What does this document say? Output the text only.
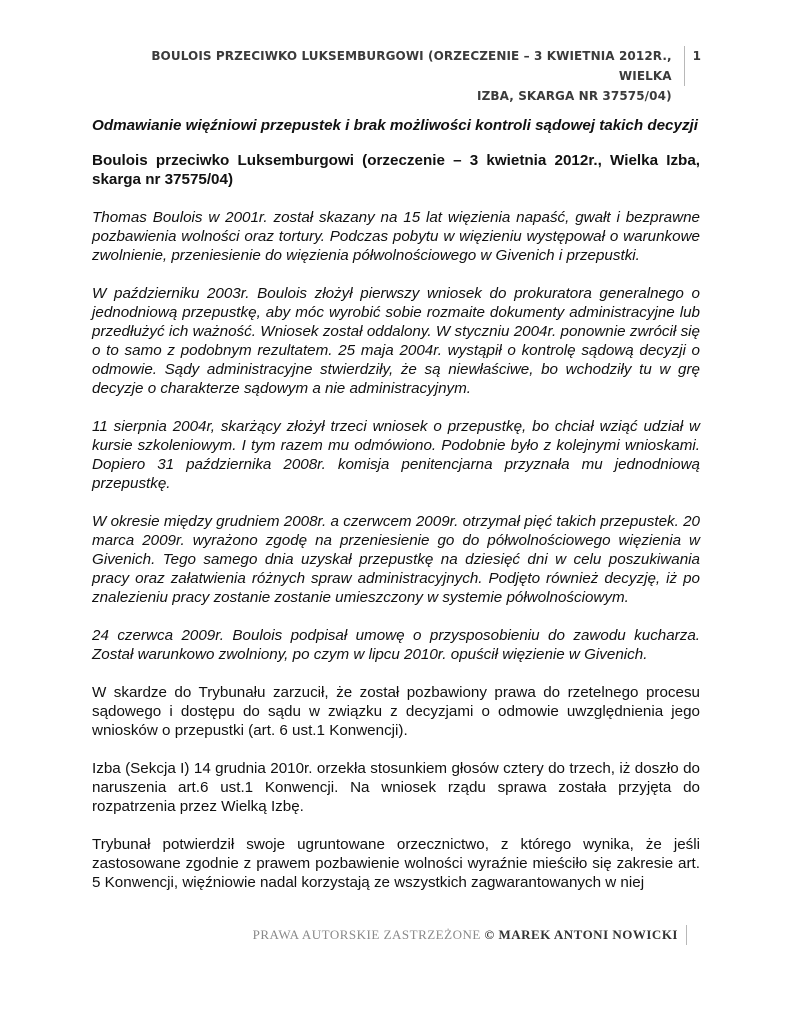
BOULOIS PRZECIWKO LUKSEMBURGOWI (ORZECZENIE – 3 KWIETNIA 2012R., WIELKA
IZBA, SKARGA NR 37575/04)
1

Odmawianie więźniowi przepustek i brak możliwości kontroli sądowej takich decyzji

Boulois przeciwko Luksemburgowi (orzeczenie – 3 kwietnia 2012r., Wielka Izba, skarga nr 37575/04)

Thomas Boulois w 2001r. został skazany na 15 lat więzienia napaść, gwałt i bezprawne pozbawienia wolności oraz tortury. Podczas pobytu w więzieniu występował o warunkowe zwolnienie, przeniesienie do więzienia półwolnościowego w Givenich i przepustki.

W październiku 2003r. Boulois złożył pierwszy wniosek do prokuratora generalnego o jednodniową przepustkę, aby móc wyrobić sobie rozmaite dokumenty administracyjne lub przedłużyć ich ważność. Wniosek został oddalony. W styczniu 2004r. ponownie zwrócił się o to samo z podobnym rezultatem. 25 maja 2004r. wystąpił o kontrolę sądową decyzji o odmowie. Sądy administracyjne stwierdziły, że są niewłaściwe, bo wchodziły tu w grę decyzje o charakterze sądowym a nie administracyjnym.

11 sierpnia 2004r, skarżący złożył trzeci wniosek o przepustkę, bo chciał wziąć udział w kursie szkoleniowym. I tym razem mu odmówiono. Podobnie było z kolejnymi wnioskami. Dopiero 31 października 2008r. komisja penitencjarna przyznała mu jednodniową przepustkę.

W okresie między grudniem 2008r. a czerwcem 2009r. otrzymał pięć takich przepustek. 20 marca 2009r. wyrażono zgodę na przeniesienie go do półwolnościowego więzienia w Givenich. Tego samego dnia uzyskał przepustkę na dziesięć dni w celu poszukiwania pracy oraz załatwienia różnych spraw administracyjnych. Podjęto również decyzję, iż po znalezieniu pracy zostanie zostanie umieszczony w systemie półwolnościowym.

24 czerwca 2009r. Boulois podpisał umowę o przysposobieniu do zawodu kucharza. Został warunkowo zwolniony, po czym w lipcu 2010r. opuścił więzienie w Givenich.

W skardze do Trybunału zarzucił, że został pozbawiony prawa do rzetelnego procesu sądowego i dostępu do sądu w związku z decyzjami o odmowie uwzględnienia jego wniosków o przepustki (art. 6 ust.1 Konwencji).

Izba (Sekcja I) 14 grudnia 2010r. orzekła stosunkiem głosów cztery do trzech, iż doszło do naruszenia art.6 ust.1 Konwencji. Na wniosek rządu sprawa została przyjęta do rozpatrzenia przez Wielką Izbę.

Trybunał potwierdził swoje ugruntowane orzecznictwo, z którego wynika, że jeśli zastosowane zgodnie z prawem pozbawienie wolności wyraźnie mieściło się zakresie art. 5 Konwencji, więźniowie nadal korzystają ze wszystkich zagwarantowanych w niej

PRAWA AUTORSKIE ZASTRZEŻONE © MAREK ANTONI NOWICKI
